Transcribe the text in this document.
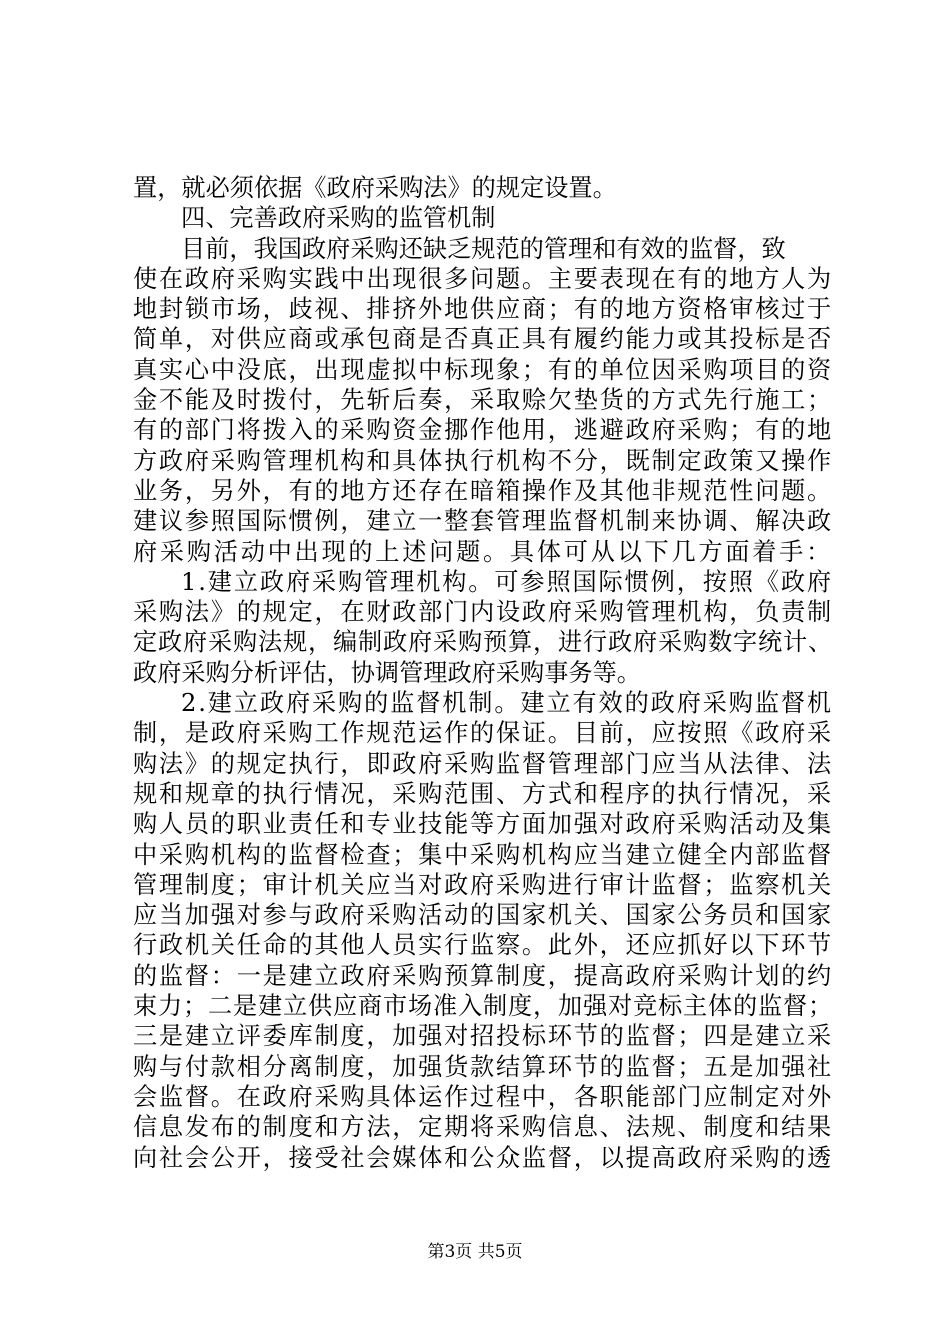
置，就必须依据《政府采购法》的规定设置。
四、完善政府采购的监管机制
目前，我国政府采购还缺乏规范的管理和有效的监督，致
使在政府采购实践中出现很多问题。主要表现在有的地方人为
地封锁市场，歧视、排挤外地供应商；有的地方资格审核过于
简单，对供应商或承包商是否真正具有履约能力或其投标是否
真实心中没底，出现虚拟中标现象；有的单位因采购项目的资
金不能及时拨付，先斩后奏，采取赊欠垫货的方式先行施工；
有的部门将拨入的采购资金挪作他用，逃避政府采购；有的地
方政府采购管理机构和具体执行机构不分，既制定政策又操作
业务，另外，有的地方还存在暗箱操作及其他非规范性问题。
建议参照国际惯例，建立一整套管理监督机制来协调、解决政
府采购活动中出现的上述问题。具体可从以下几方面着手：
1.建立政府采购管理机构。可参照国际惯例，按照《政府
采购法》的规定，在财政部门内设政府采购管理机构，负责制
定政府采购法规，编制政府采购预算，进行政府采购数字统计、
政府采购分析评估，协调管理政府采购事务等。
2.建立政府采购的监督机制。建立有效的政府采购监督机
制，是政府采购工作规范运作的保证。目前，应按照《政府采
购法》的规定执行，即政府采购监督管理部门应当从法律、法
规和规章的执行情况，采购范围、方式和程序的执行情况，采
购人员的职业责任和专业技能等方面加强对政府采购活动及集
中采购机构的监督检查；集中采购机构应当建立健全内部监督
管理制度；审计机关应当对政府采购进行审计监督；监察机关
应当加强对参与政府采购活动的国家机关、国家公务员和国家
行政机关任命的其他人员实行监察。此外，还应抓好以下环节
的监督：一是建立政府采购预算制度，提高政府采购计划的约
束力；二是建立供应商市场准入制度，加强对竞标主体的监督；
三是建立评委库制度，加强对招投标环节的监督；四是建立采
购与付款相分离制度，加强货款结算环节的监督；五是加强社
会监督。在政府采购具体运作过程中，各职能部门应制定对外
信息发布的制度和方法，定期将采购信息、法规、制度和结果
向社会公开，接受社会媒体和公众监督，以提高政府采购的透
第3页 共5页
